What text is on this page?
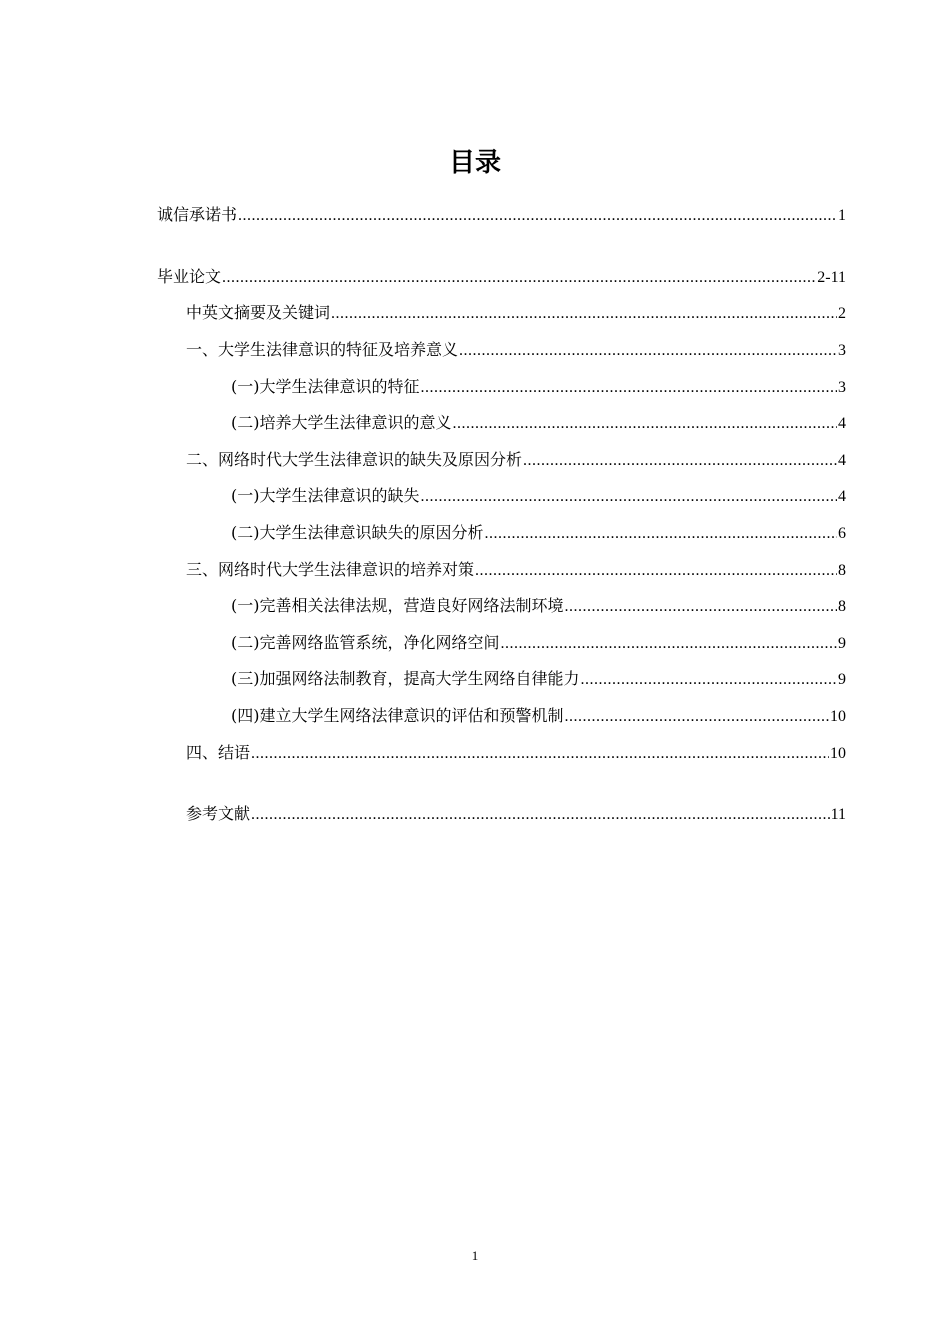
目录
诚信承诺书 .....	1
毕业论文 .....	2-11
中英文摘要及关键词 .....	2
一、大学生法律意识的特征及培养意义 .....	3
(一)大学生法律意识的特征 .....	3
(二)培养大学生法律意识的意义 .....	4
二、网络时代大学生法律意识的缺失及原因分析 .....	4
(一)大学生法律意识的缺失 .....	4
(二)大学生法律意识缺失的原因分析 .....	6
三、网络时代大学生法律意识的培养对策 .....	8
(一)完善相关法律法规，营造良好网络法制环境 .....	8
(二)完善网络监管系统，净化网络空间 .....	9
(三)加强网络法制教育，提高大学生网络自律能力 .....	9
(四)建立大学生网络法律意识的评估和预警机制 .....	10
四、结语 .....	10
参考文献 .....	11
1
